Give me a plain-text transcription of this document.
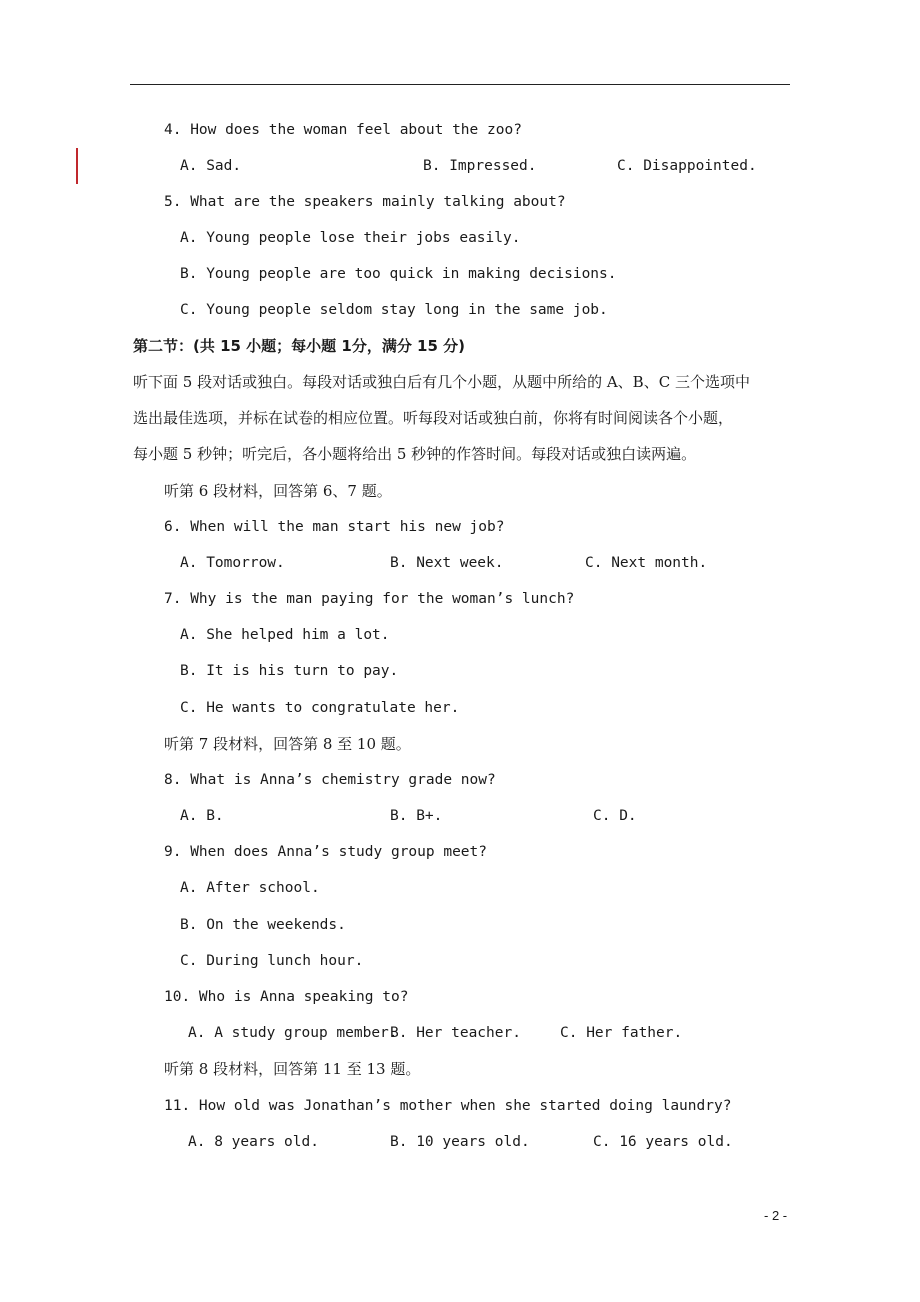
4. How does the woman feel about the zoo?
A. Sad.	B. Impressed.	C. Disappointed.
5. What are the speakers mainly talking about?
A. Young people lose their jobs easily.
B. Young people are too quick in making decisions.
C. Young people seldom stay long in the same job.
第二节：(共 15 小题；每小题 1分，满分 15 分)
听下面 5 段对话或独白。每段对话或独白后有几个小题，从题中所给的 A、B、C 三个选项中
选出最佳选项，并标在试卷的相应位置。听每段对话或独白前，你将有时间阅读各个小题，
每小题 5 秒钟；听完后，各小题将给出 5 秒钟的作答时间。每段对话或独白读两遍。
听第 6 段材料，回答第 6、7 题。
6. When will the man start his new job?
A. Tomorrow.	B. Next week.	C. Next month.
7. Why is the man paying for the woman’s lunch?
A. She helped him a lot.
B. It is his turn to pay.
C. He wants to congratulate her.
听第 7 段材料，回答第 8 至 10 题。
8. What is Anna’s chemistry grade now?
A. B.	B. B+.	C. D.
9. When does Anna’s study group meet?
A. After school.
B. On the weekends.
C. During lunch hour.
10. Who is Anna speaking to?
A. A study group member.
B. Her teacher.	C. Her father.
听第 8 段材料，回答第 11 至 13 题。
11. How old was Jonathan’s mother when she started doing laundry?
A. 8 years old.	B. 10 years old.	C. 16 years old.
- 2 -
